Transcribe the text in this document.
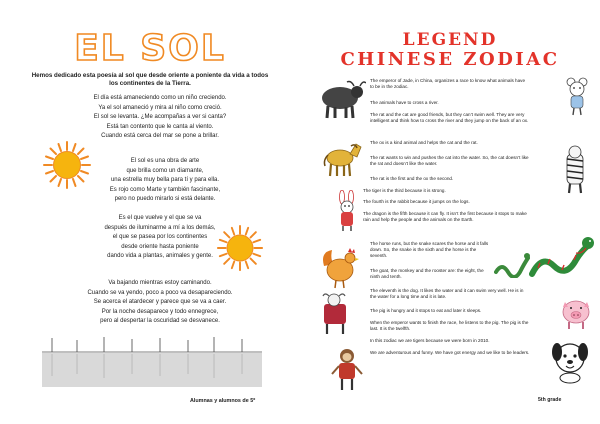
EL SOL
Hemos dedicado esta poesía al sol que desde oriente a poniente da vida a todos los continentes de la Tierra.
El día está amaneciendo como un niño creciendo.
Ya el sol amaneció y mira al niño como creció.
El sol se levanta. ¿Me acompañas a ver si canta?
Está tan contento que le canta al viento.
Cuando está cerca del mar se pone a brillar.
El sol es una obra de arte
que brilla como un diamante,
una estrella muy bella para tí y para ella.
Es rojo como Marte y también fascinante,
pero no puedo mirarlo si está delante.
Es el que vuelve y el que se va
después de iluminarme a mí a los demás,
el que se pasea por los continentes
desde oriente hasta poniente
dando vida a plantas, animales y gente.
Va bajando mientras estoy caminando.
Cuando se va yendo, poco a poco va desapareciendo.
Se acerca el atardecer y parece que se va a caer.
Por la noche desaparece y todo ennegrece,
pero al despertar la oscuridad se desvanece.
Alumnas y alumnos de 5º
LEGEND
CHINESE ZODIAC
The emperor of Jade, in China, organizes a race to know what animals have to be in the zodiac.
The animals have to cross a river.
The rat and the cat are good friends, but they can’t swim well. They are very intelligent and think how to cross the river and they jump on the back of an ox.
The ox is a kind animal and helps the cat and the rat.
The rat wants to win and pushes the cat into the water. So, the cat doesn’t like the rat and doesn’t like the water.
The rat is the first and the ox the second.
The tiger is the third because it is strong.
The fourth is the rabbit because it jumps on the logs.
The dragon is the fifth because it can fly. It isn’t the first because it stops to make rain and help the people and the animals on the Earth.
The horse runs, but the snake scares the horse and it falls down. So, the snake is the sixth and the horse is the seventh.
The goat, the monkey and the rooster are: the eight, the ninth and tenth.
The eleventh is the dog. It likes the water and it can swim very well. He is in the water for a long time and it is late.
The pig is hungry and it stops to eat and later it sleeps.
When the emperor wants to finish the race, he listens to the pig. The pig is the last. It is the twelfth.
In this zodiac we are tigers because we were born in 2010.
We are adventurous and funny. We have got energy and we like to be leaders.
5th grade
